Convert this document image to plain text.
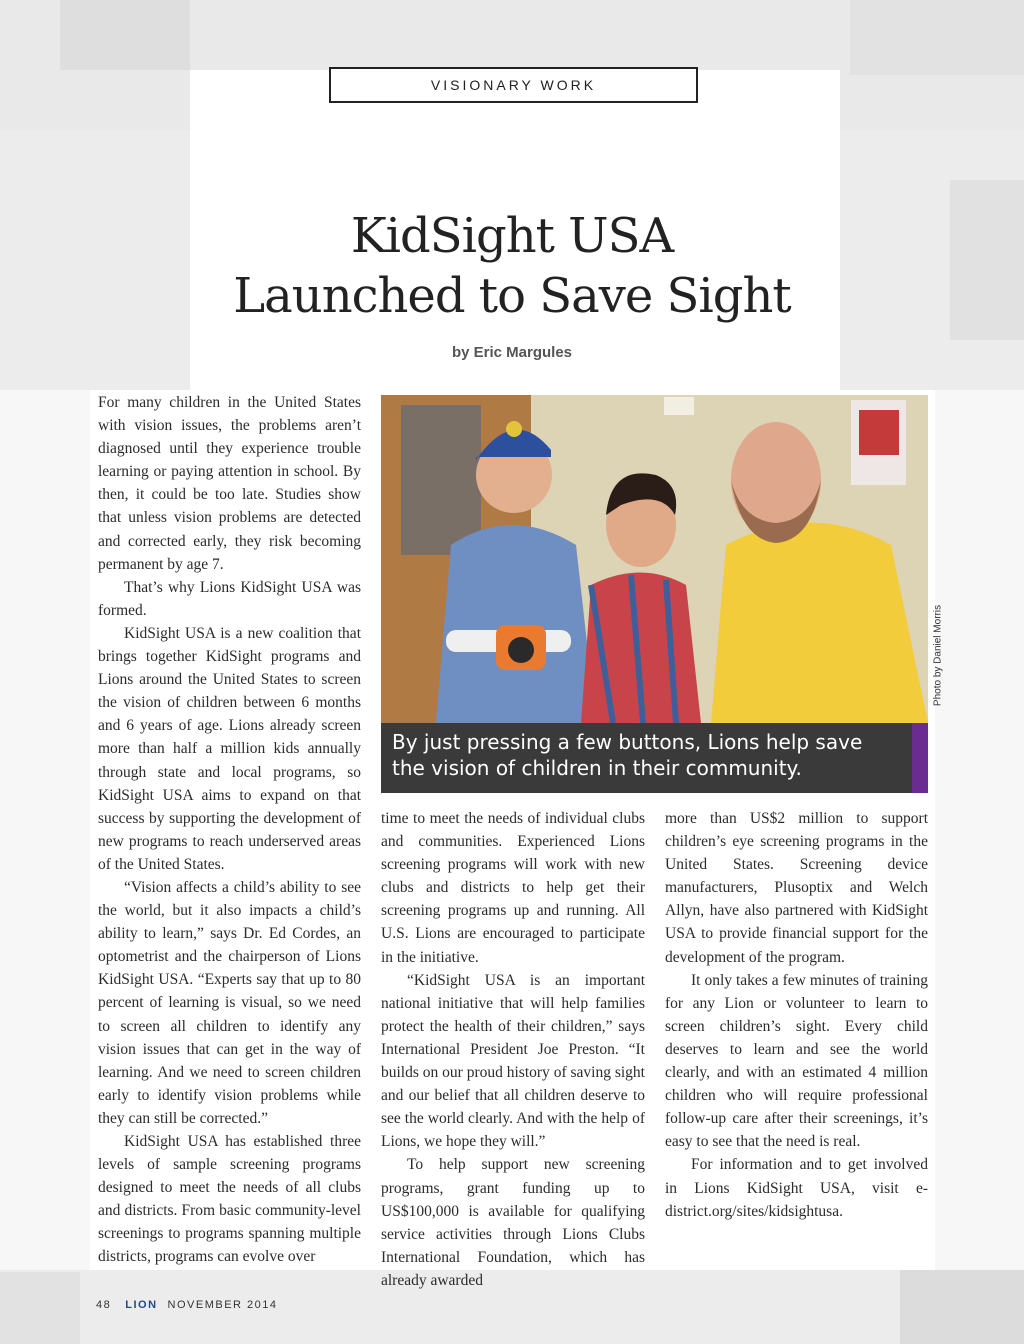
VISIONARY WORK
KidSight USA
Launched to Save Sight
by Eric Margules

For many children in the United States with vision issues, the problems aren’t diagnosed until they experience trouble learning or paying attention in school. By then, it could be too late. Studies show that unless vision problems are detected and corrected early, they risk becoming permanent by age 7.

That’s why Lions KidSight USA was formed.

KidSight USA is a new coalition that brings together KidSight programs and Lions around the United States to screen the vision of children between 6 months and 6 years of age. Lions already screen more than half a million kids annually through state and local programs, so KidSight USA aims to expand on that success by supporting the development of new programs to reach underserved areas of the United States.

“Vision affects a child’s ability to see the world, but it also impacts a child’s ability to learn,” says Dr. Ed Cordes, an optometrist and the chairperson of Lions KidSight USA. “Experts say that up to 80 percent of learning is visual, so we need to screen all children to identify any vision issues that can get in the way of learning. And we need to screen children early to identify vision problems while they can still be corrected.”

KidSight USA has established three levels of sample screening programs designed to meet the needs of all clubs and districts. From basic community-level screenings to programs spanning multiple districts, programs can evolve over

By just pressing a few buttons, Lions help save the vision of children in their community.
Photo by Daniel Morris

time to meet the needs of individual clubs and communities. Experienced Lions screening programs will work with new clubs and districts to help get their screening programs up and running. All U.S. Lions are encouraged to participate in the initiative.

“KidSight USA is an important national initiative that will help families protect the health of their children,” says International President Joe Preston. “It builds on our proud history of saving sight and our belief that all children deserve to see the world clearly. And with the help of Lions, we hope they will.”

To help support new screening programs, grant funding up to US$100,000 is available for qualifying service activities through Lions Clubs International Foundation, which has already awarded

more than US$2 million to support children’s eye screening programs in the United States. Screening device manufacturers, Plusoptix and Welch Allyn, have also partnered with KidSight USA to provide financial support for the development of the program.

It only takes a few minutes of training for any Lion or volunteer to learn to screen children’s sight. Every child deserves to learn and see the world clearly, and with an estimated 4 million children who will require professional follow-up care after their screenings, it’s easy to see that the need is real.

For information and to get involved in Lions KidSight USA, visit e-district.org/sites/kidsightusa.

48 LION NOVEMBER 2014
